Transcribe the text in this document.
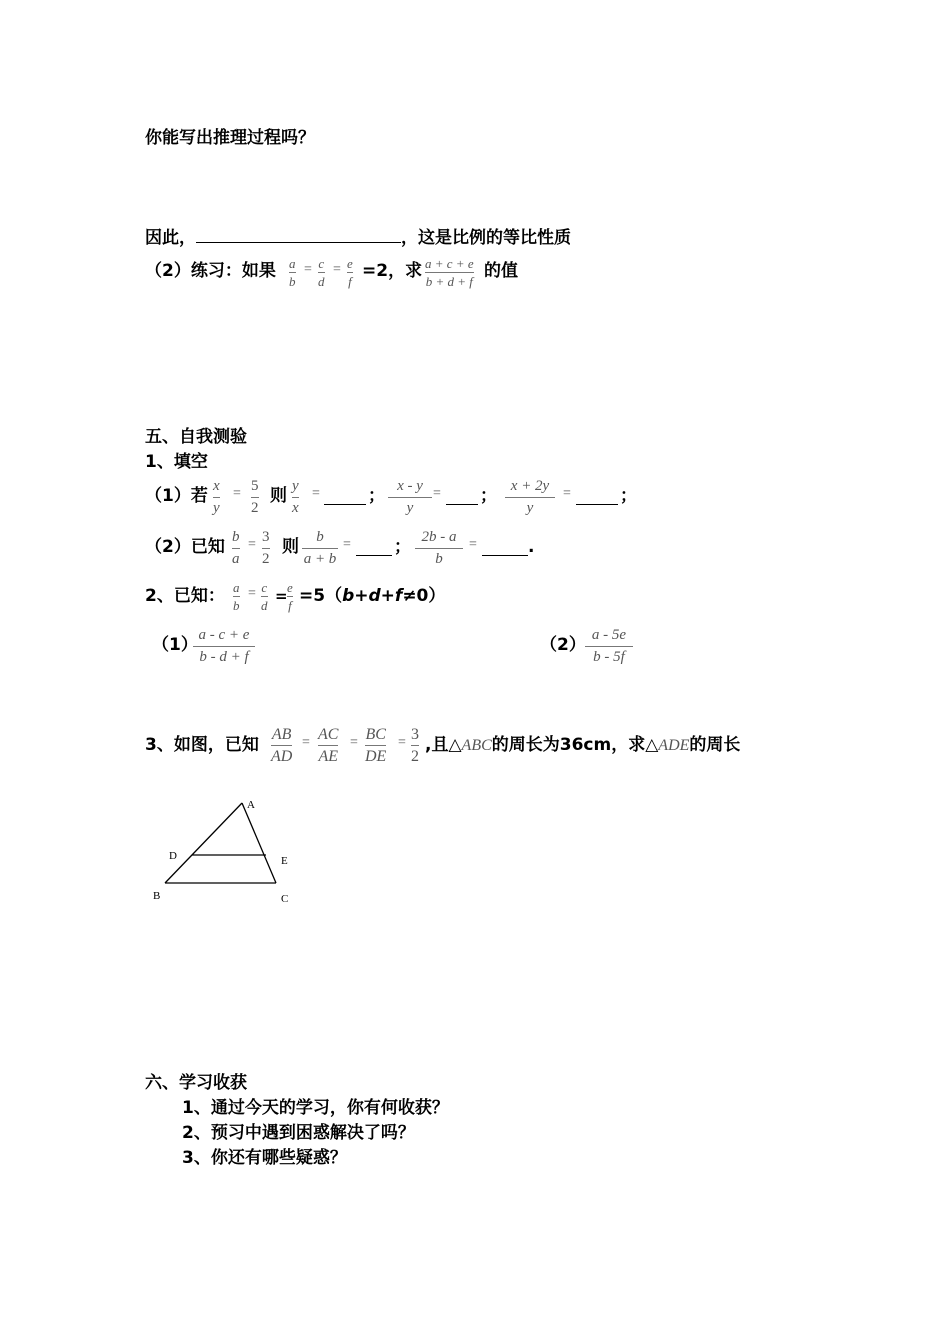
你能写出推理过程吗？
因此，	，这是比例的等比性质
（2）练习：如果 a
b
= c
d
= e
f
=2，求 a + c + e
b + d + f
的值
五、自我测验
1、填空
（1）若 x
y
= 5
2
则 y
x
=	； x - y
y
= ； x + 2y
y
=	；
（2）已知 b
a
= 3
2
则 b
a + b
=	； 2b - a
b
=	.
2、已知： a
b
= c
d
= e
f =5（b+d+f≠0）
（1） a - c + e
b - d + f
（2） a - 5e
b - 5f
3、如图，已知
AB
AD
= AC
AE
= BC
DE
= 3
2
,且△ABC的周长为36cm，求△ADE的周长
A
B	C
D	E
六、学习收获
1、通过今天的学习，你有何收获？
2、预习中遇到困惑解决了吗？
3、你还有哪些疑惑？
